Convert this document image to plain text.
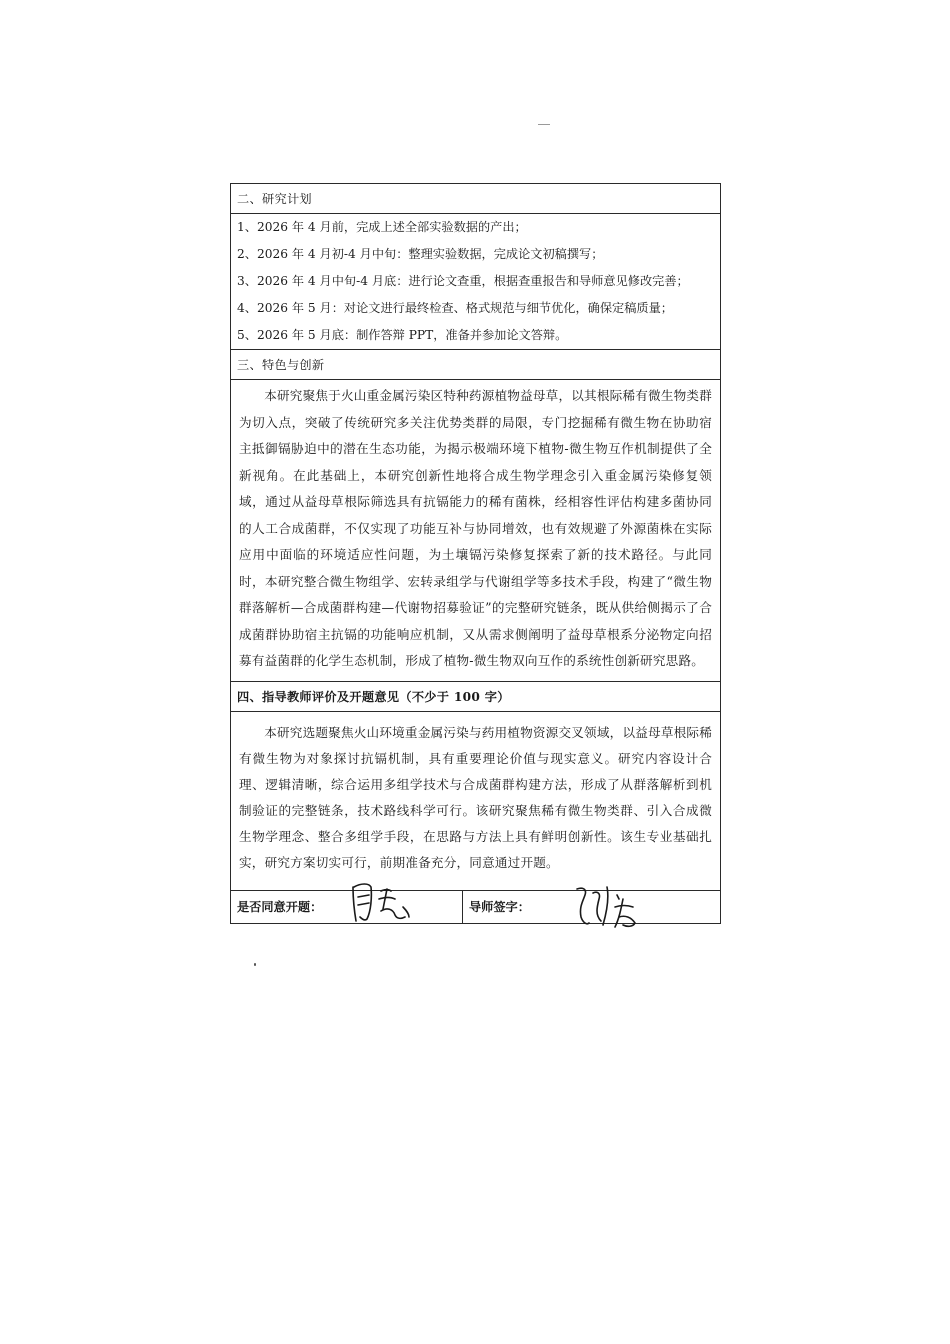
二、研究计划

1、2026 年 4 月前，完成上述全部实验数据的产出；
2、2026 年 4 月初-4 月中旬：整理实验数据，完成论文初稿撰写；
3、2026 年 4 月中旬-4 月底：进行论文查重，根据查重报告和导师意见修改完善；
4、2026 年 5 月：对论文进行最终检查、格式规范与细节优化，确保定稿质量；
5、2026 年 5 月底：制作答辩 PPT，准备并参加论文答辩。

三、特色与创新

本研究聚焦于火山重金属污染区特种药源植物益母草，以其根际稀有微生物类群为切入点，突破了传统研究多关注优势类群的局限，专门挖掘稀有微生物在协助宿主抵御镉胁迫中的潜在生态功能，为揭示极端环境下植物-微生物互作机制提供了全新视角。在此基础上，本研究创新性地将合成生物学理念引入重金属污染修复领域，通过从益母草根际筛选具有抗镉能力的稀有菌株，经相容性评估构建多菌协同的人工合成菌群，不仅实现了功能互补与协同增效，也有效规避了外源菌株在实际应用中面临的环境适应性问题，为土壤镉污染修复探索了新的技术路径。与此同时，本研究整合微生物组学、宏转录组学与代谢组学等多技术手段，构建了“微生物群落解析—合成菌群构建—代谢物招募验证”的完整研究链条，既从供给侧揭示了合成菌群协助宿主抗镉的功能响应机制，又从需求侧阐明了益母草根系分泌物定向招募有益菌群的化学生态机制，形成了植物-微生物双向互作的系统性创新研究思路。

四、指导教师评价及开题意见（不少于 100 字）

本研究选题聚焦火山环境重金属污染与药用植物资源交叉领域，以益母草根际稀有微生物为对象探讨抗镉机制，具有重要理论价值与现实意义。研究内容设计合理、逻辑清晰，综合运用多组学技术与合成菌群构建方法，形成了从群落解析到机制验证的完整链条，技术路线科学可行。该研究聚焦稀有微生物类群、引入合成微生物学理念、整合多组学手段，在思路与方法上具有鲜明创新性。该生专业基础扎实，研究方案切实可行，前期准备充分，同意通过开题。

是否同意开题：	导师签字：
